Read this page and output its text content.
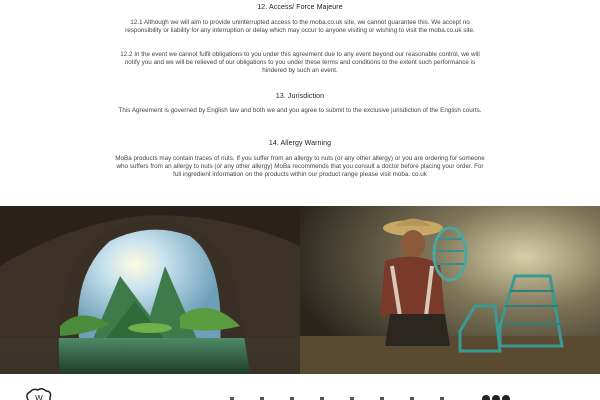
12. Access/ Force Majeure

12.1 Although we will aim to provide uninterrupted access to the moba.co.uk site, we cannot guarantee this. We accept no responsibility or liability for any interruption or delay which may occur to anyone visiting or wishing to visit the moba.co.uk site.

12.2 In the event we cannot fulfil obligations to you under this agreement due to any event beyond our reasonable control, we will notify you and we will be relieved of our obligations to you under these terms and conditions to the extent such performance is hindered by such an event.

13. Jurisdiction

This Agreement is governed by English law and both we and you agree to submit to the exclusive jurisdiction of the English courts.

14. Allergy Warning

MoBa products may contain traces of nuts. If you suffer from an allergy to nuts (or any other allergy) or you are ordering for someone who suffers from an allergy to nuts (or any other allergy) MoBa recommends that you consult a doctor before placing your order. For full ingredient information on the products within our product range please visit moba. co.uk

W
